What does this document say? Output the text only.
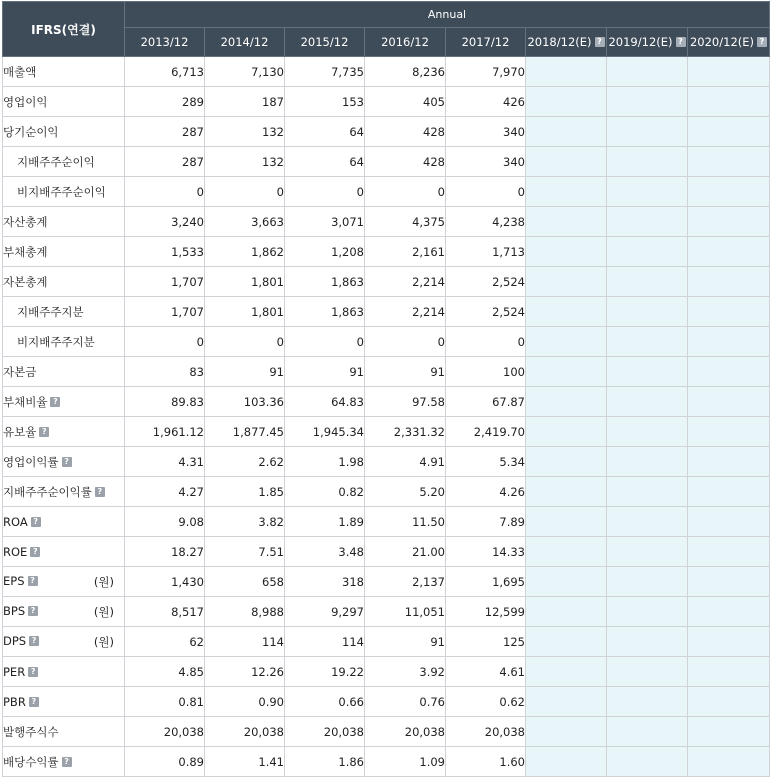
IFRS(연결)	Annual							
	2013/12	2014/12	2015/12	2016/12	2017/12	2018/12(E) ?	2019/12(E) ?	2020/12(E) ?
매출액	6,713	7,130	7,735	8,236	7,970			
영업이익	289	187	153	405	426			
당기순이익	287	132	64	428	340			
지배주주순이익	287	132	64	428	340			
비지배주주순이익	0	0	0	0	0			
자산총계	3,240	3,663	3,071	4,375	4,238			
부채총계	1,533	1,862	1,208	2,161	1,713			
자본총계	1,707	1,801	1,863	2,214	2,524			
지배주주지분	1,707	1,801	1,863	2,214	2,524			
비지배주주지분	0	0	0	0	0			
자본금	83	91	91	91	100			
부채비율 ?	89.83	103.36	64.83	97.58	67.87			
유보율 ?	1,961.12	1,877.45	1,945.34	2,331.32	2,419.70			
영업이익률 ?	4.31	2.62	1.98	4.91	5.34			
지배주주순이익률 ?	4.27	1.85	0.82	5.20	4.26			
ROA ?	9.08	3.82	1.89	11.50	7.89			
ROE ?	18.27	7.51	3.48	21.00	14.33			
EPS ? (원)	1,430	658	318	2,137	1,695			
BPS ? (원)	8,517	8,988	9,297	11,051	12,599			
DPS ? (원)	62	114	114	91	125			
PER ?	4.85	12.26	19.22	3.92	4.61			
PBR ?	0.81	0.90	0.66	0.76	0.62			
발행주식수	20,038	20,038	20,038	20,038	20,038			
배당수익률 ?	0.89	1.41	1.86	1.09	1.60			
